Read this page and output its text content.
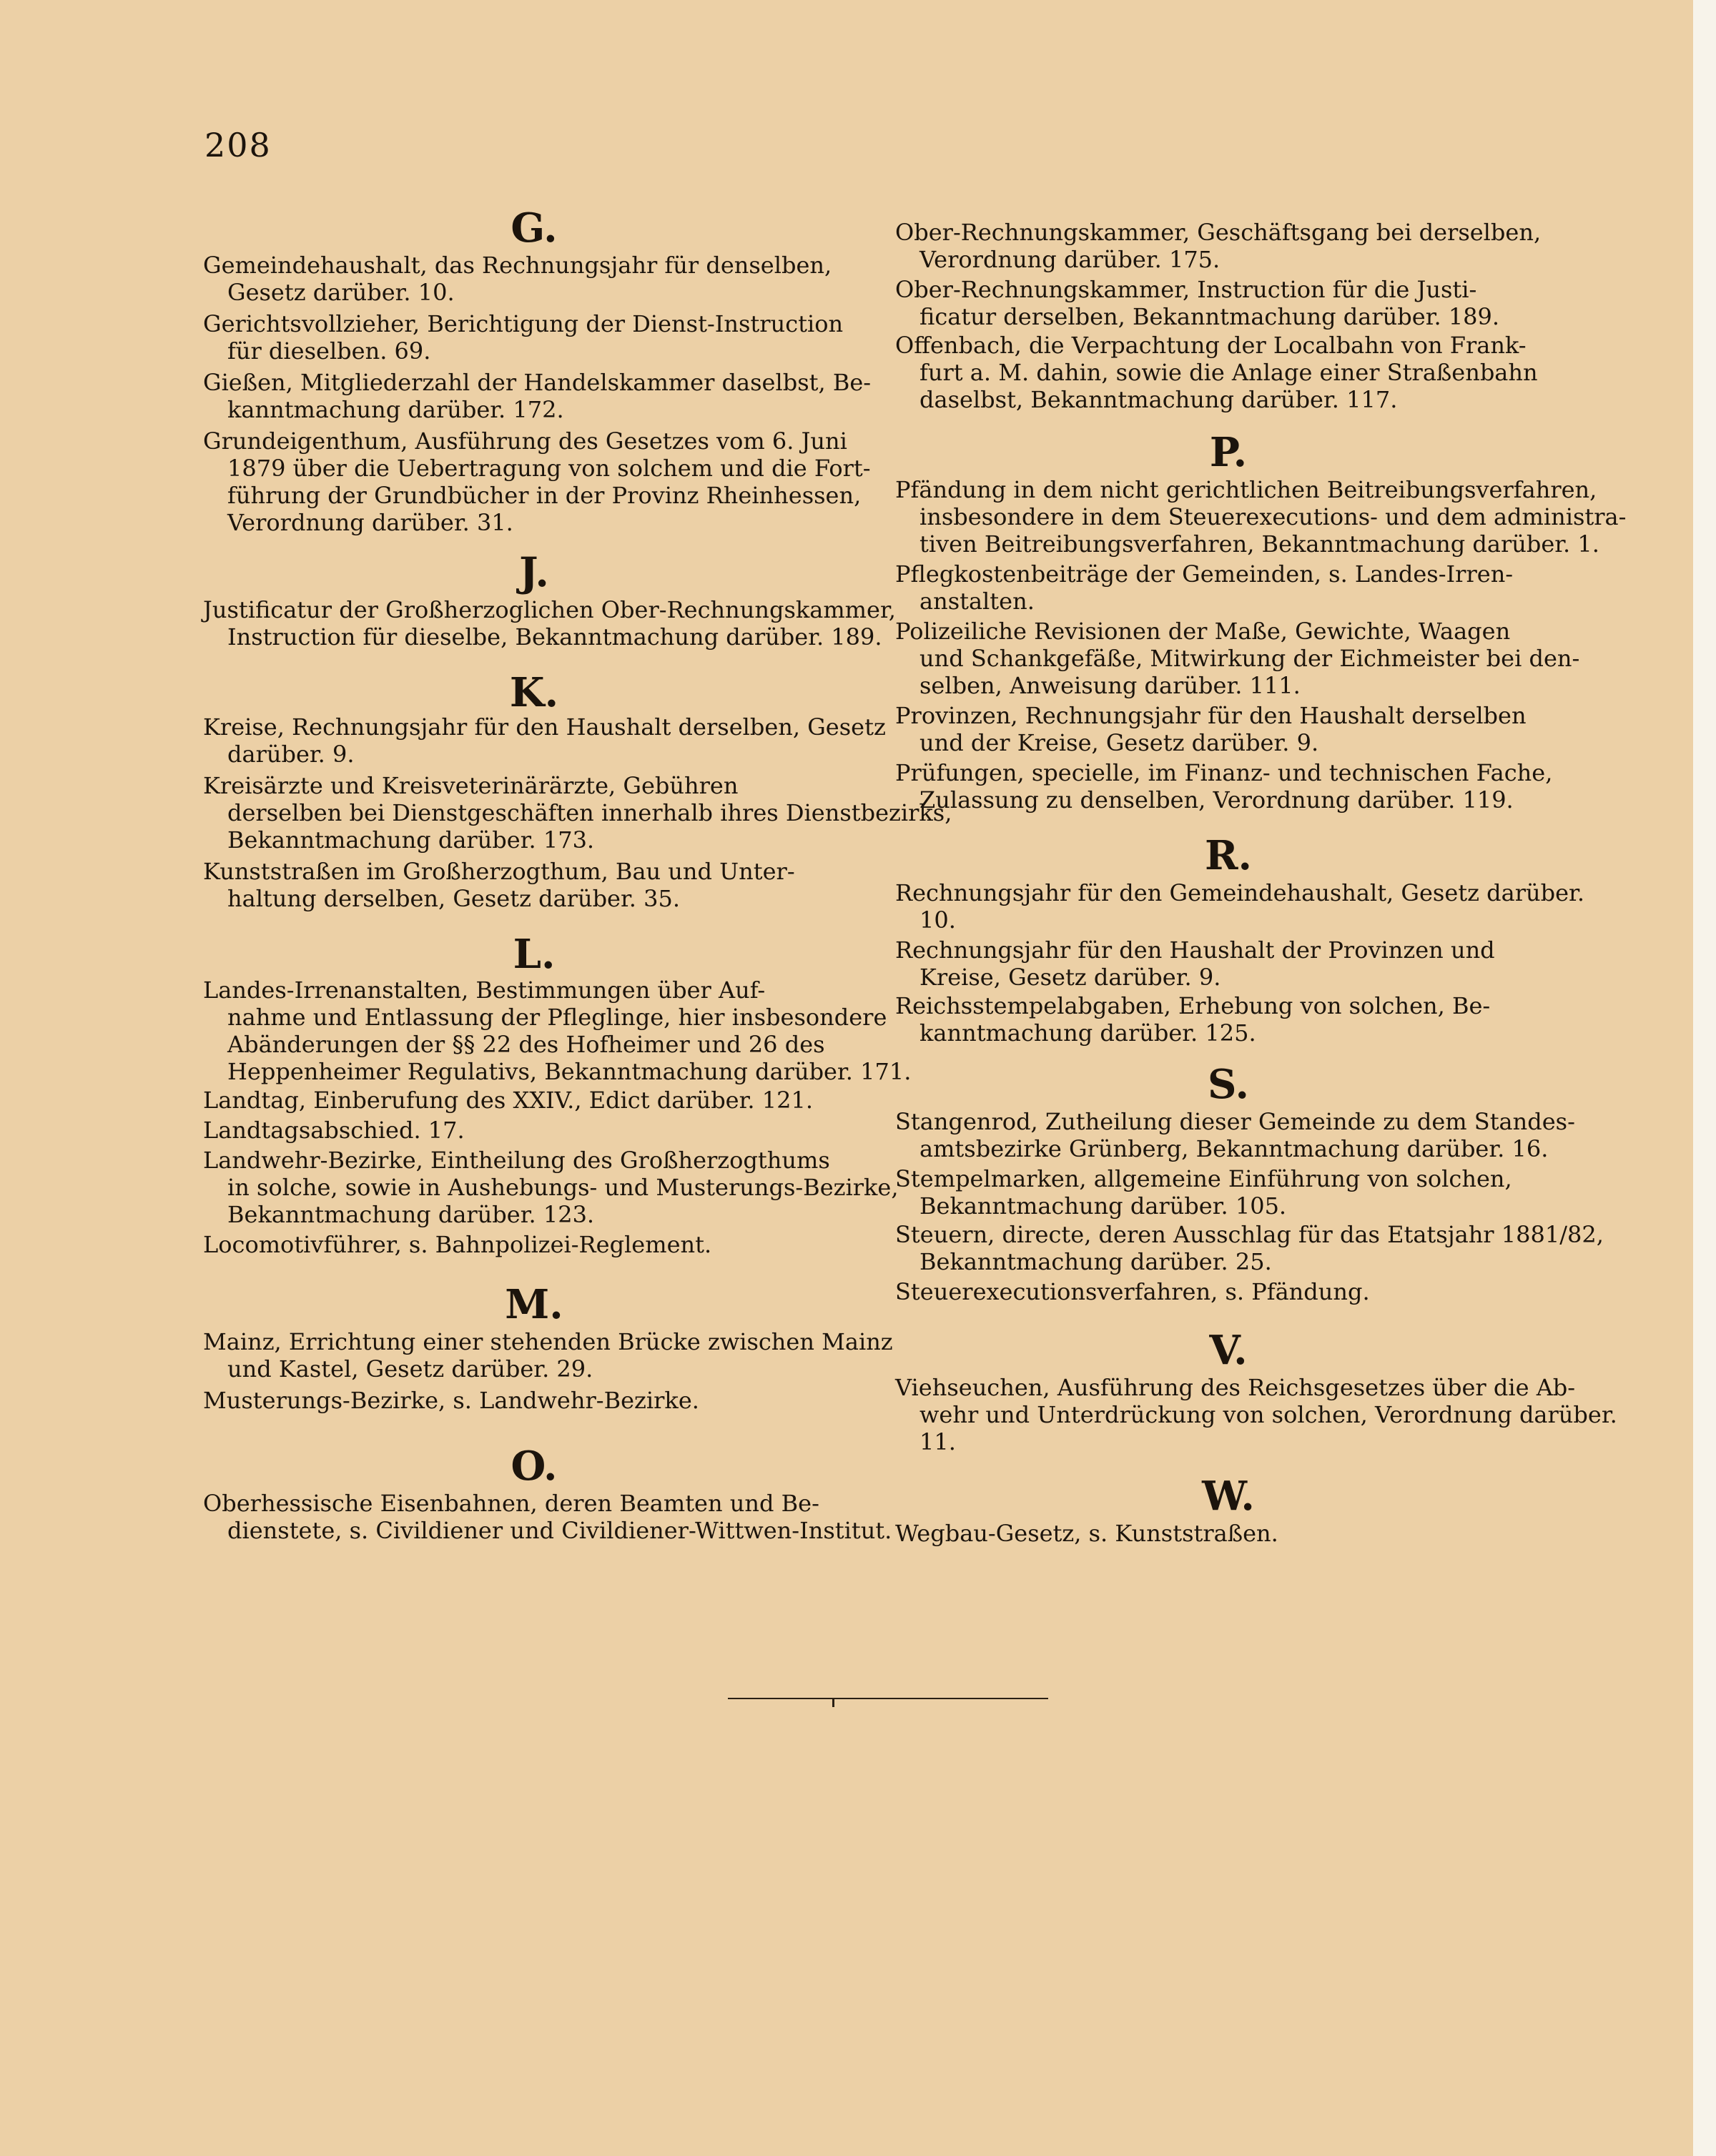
208
G.
Gemeindehaushalt, das Rechnungsjahr für denselben,
Gesetz darüber. 10.
Gerichtsvollzieher, Berichtigung der Dienst-Instruction
für dieselben. 69.
Gießen, Mitgliederzahl der Handelskammer daselbst, Be-
kanntmachung darüber. 172.
Grundeigenthum, Ausführung des Gesetzes vom 6. Juni
1879 über die Uebertragung von solchem und die Fort-
führung der Grundbücher in der Provinz Rheinhessen,
Verordnung darüber. 31.
J.
Justificatur der Großherzoglichen Ober-Rechnungskammer,
Instruction für dieselbe, Bekanntmachung darüber. 189.
K.
Kreise, Rechnungsjahr für den Haushalt derselben, Gesetz
darüber. 9.
Kreisärzte und Kreisveterinärärzte, Gebühren
derselben bei Dienstgeschäften innerhalb ihres Dienstbezirks,
Bekanntmachung darüber. 173.
Kunststraßen im Großherzogthum, Bau und Unter-
haltung derselben, Gesetz darüber. 35.
L.
Landes-Irrenanstalten, Bestimmungen über Auf-
nahme und Entlassung der Pfleglinge, hier insbesondere
Abänderungen der §§ 22 des Hofheimer und 26 des
Heppenheimer Regulativs, Bekanntmachung darüber. 171.
Landtag, Einberufung des XXIV., Edict darüber. 121.
Landtagsabschied. 17.
Landwehr-Bezirke, Eintheilung des Großherzogthums
in solche, sowie in Aushebungs- und Musterungs-Bezirke,
Bekanntmachung darüber. 123.
Locomotivführer, s. Bahnpolizei-Reglement.
M.
Mainz, Errichtung einer stehenden Brücke zwischen Mainz
und Kastel, Gesetz darüber. 29.
Musterungs-Bezirke, s. Landwehr-Bezirke.
O.
Oberhessische Eisenbahnen, deren Beamten und Be-
dienstete, s. Civildiener und Civildiener-Wittwen-Institut.
Ober-Rechnungskammer, Geschäftsgang bei derselben,
Verordnung darüber. 175.
Ober-Rechnungskammer, Instruction für die Justi-
ficatur derselben, Bekanntmachung darüber. 189.
Offenbach, die Verpachtung der Localbahn von Frank-
furt a. M. dahin, sowie die Anlage einer Straßenbahn
daselbst, Bekanntmachung darüber. 117.
P.
Pfändung in dem nicht gerichtlichen Beitreibungsverfahren,
insbesondere in dem Steuerexecutions- und dem administra-
tiven Beitreibungsverfahren, Bekanntmachung darüber. 1.
Pflegkostenbeiträge der Gemeinden, s. Landes-Irren-
anstalten.
Polizeiliche Revisionen der Maße, Gewichte, Waagen
und Schankgefäße, Mitwirkung der Eichmeister bei den-
selben, Anweisung darüber. 111.
Provinzen, Rechnungsjahr für den Haushalt derselben
und der Kreise, Gesetz darüber. 9.
Prüfungen, specielle, im Finanz- und technischen Fache,
Zulassung zu denselben, Verordnung darüber. 119.
R.
Rechnungsjahr für den Gemeindehaushalt, Gesetz darüber.
10.
Rechnungsjahr für den Haushalt der Provinzen und
Kreise, Gesetz darüber. 9.
Reichsstempelabgaben, Erhebung von solchen, Be-
kanntmachung darüber. 125.
S.
Stangenrod, Zutheilung dieser Gemeinde zu dem Standes-
amtsbezirke Grünberg, Bekanntmachung darüber. 16.
Stempelmarken, allgemeine Einführung von solchen,
Bekanntmachung darüber. 105.
Steuern, directe, deren Ausschlag für das Etatsjahr 1881/82,
Bekanntmachung darüber. 25.
Steuerexecutionsverfahren, s. Pfändung.
V.
Viehseuchen, Ausführung des Reichsgesetzes über die Ab-
wehr und Unterdrückung von solchen, Verordnung darüber.
11.
W.
Wegbau-Gesetz, s. Kunststraßen.
